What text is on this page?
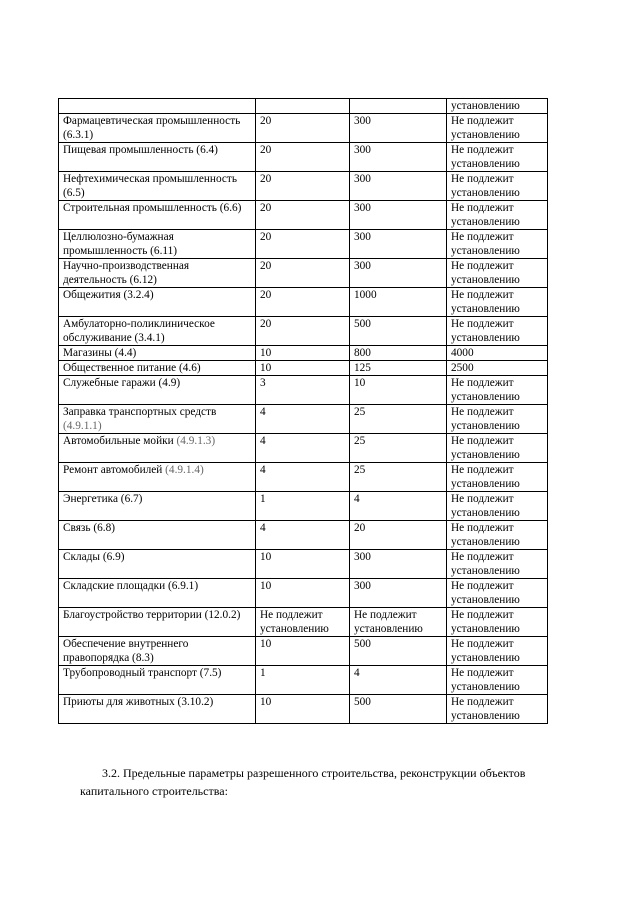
			установлению
Фармацевтическая промышленность (6.3.1)	20	300	Не подлежит установлению
Пищевая промышленность (6.4)	20	300	Не подлежит установлению
Нефтехимическая промышленность (6.5)	20	300	Не подлежит установлению
Строительная промышленность (6.6)	20	300	Не подлежит установлению
Целлюлозно-бумажная промышленность (6.11)	20	300	Не подлежит установлению
Научно-производственная деятельность (6.12)	20	300	Не подлежит установлению
Общежития (3.2.4)	20	1000	Не подлежит установлению
Амбулаторно-поликлиническое обслуживание (3.4.1)	20	500	Не подлежит установлению
Магазины (4.4)	10	800	4000
Общественное питание (4.6)	10	125	2500
Служебные гаражи (4.9)	3	10	Не подлежит установлению
Заправка транспортных средств (4.9.1.1)	4	25	Не подлежит установлению
Автомобильные мойки (4.9.1.3)	4	25	Не подлежит установлению
Ремонт автомобилей (4.9.1.4)	4	25	Не подлежит установлению
Энергетика (6.7)	1	4	Не подлежит установлению
Связь (6.8)	4	20	Не подлежит установлению
Склады (6.9)	10	300	Не подлежит установлению
Складские площадки (6.9.1)	10	300	Не подлежит установлению
Благоустройство территории (12.0.2)	Не подлежит установлению	Не подлежит установлению	Не подлежит установлению
Обеспечение внутреннего правопорядка (8.3)	10	500	Не подлежит установлению
Трубопроводный транспорт (7.5)	1	4	Не подлежит установлению
Приюты для животных (3.10.2)	10	500	Не подлежит установлению

3.2. Предельные параметры разрешенного строительства, реконструкции объектов капитального строительства:
